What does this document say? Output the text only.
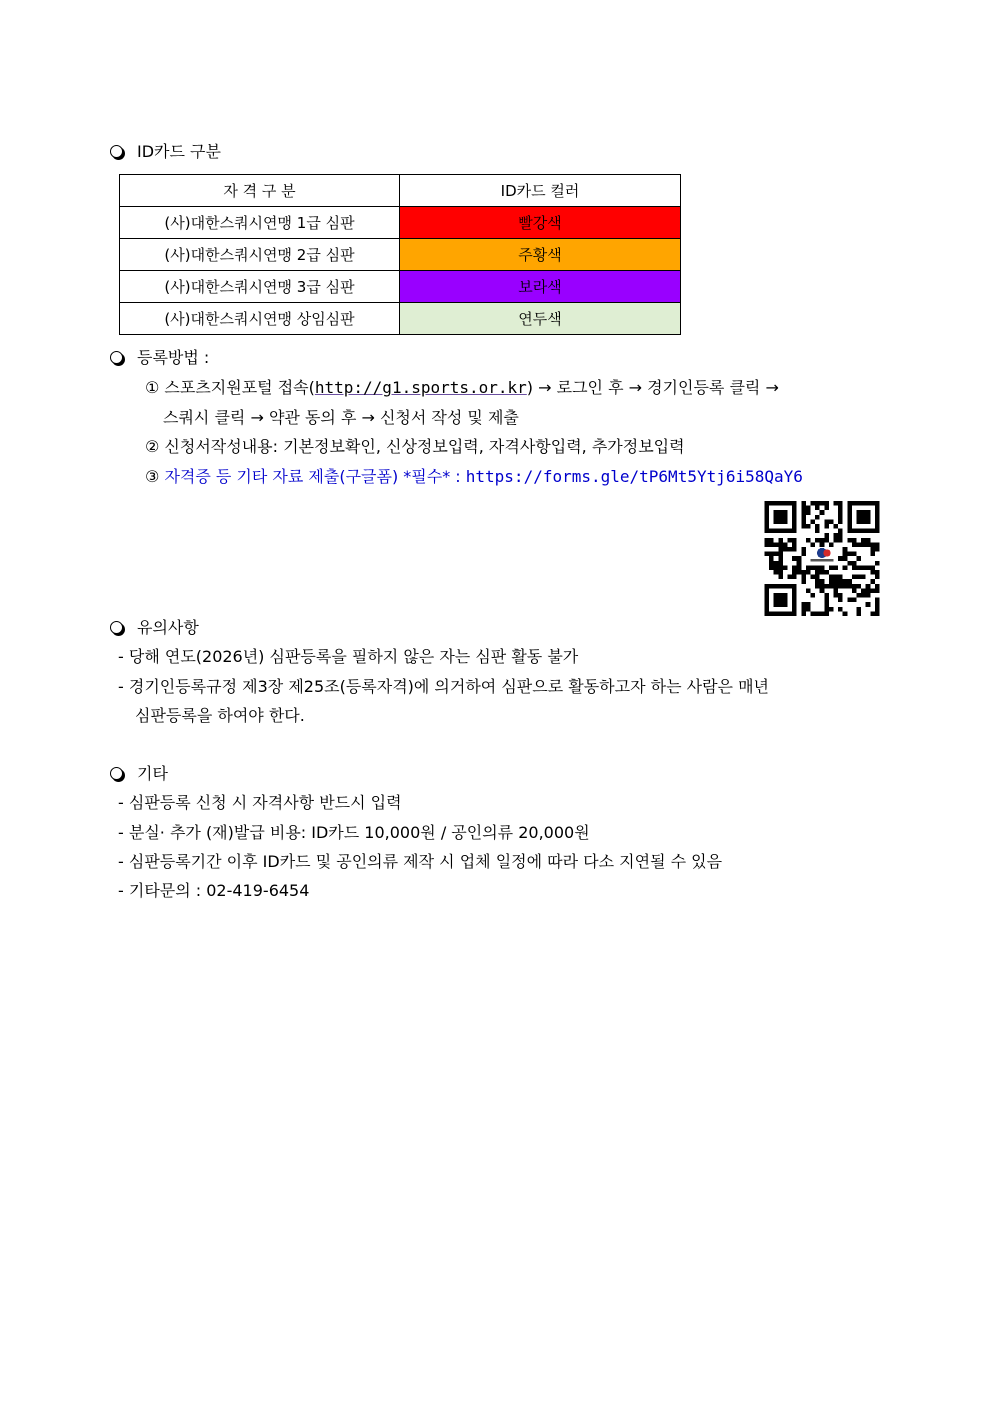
ID카드 구분
자 격 구 분	ID카드 컬러
(사)대한스쿼시연맹 1급 심판	빨강색
(사)대한스쿼시연맹 2급 심판	주황색
(사)대한스쿼시연맹 3급 심판	보라색
(사)대한스쿼시연맹 상임심판	연두색
등록방법 :
① 스포츠지원포털 접속(http://g1.sports.or.kr) → 로그인 후 → 경기인등록 클릭 →
스쿼시 클릭 → 약관 동의 후 → 신청서 작성 및 제출
② 신청서작성내용: 기본정보확인, 신상정보입력, 자격사항입력, 추가정보입력
③ 자격증 등 기타 자료 제출(구글폼) *필수* : https://forms.gle/tP6Mt5Ytj6i58QaY6
유의사항
- 당해 연도(2026년) 심판등록을 필하지 않은 자는 심판 활동 불가
- 경기인등록규정 제3장 제25조(등록자격)에 의거하여 심판으로 활동하고자 하는 사람은 매년
심판등록을 하여야 한다.
기타
- 심판등록 신청 시 자격사항 반드시 입력
- 분실· 추가 (재)발급 비용: ID카드 10,000원 / 공인의류 20,000원
- 심판등록기간 이후 ID카드 및 공인의류 제작 시 업체 일정에 따라 다소 지연될 수 있음
- 기타문의 : 02-419-6454
